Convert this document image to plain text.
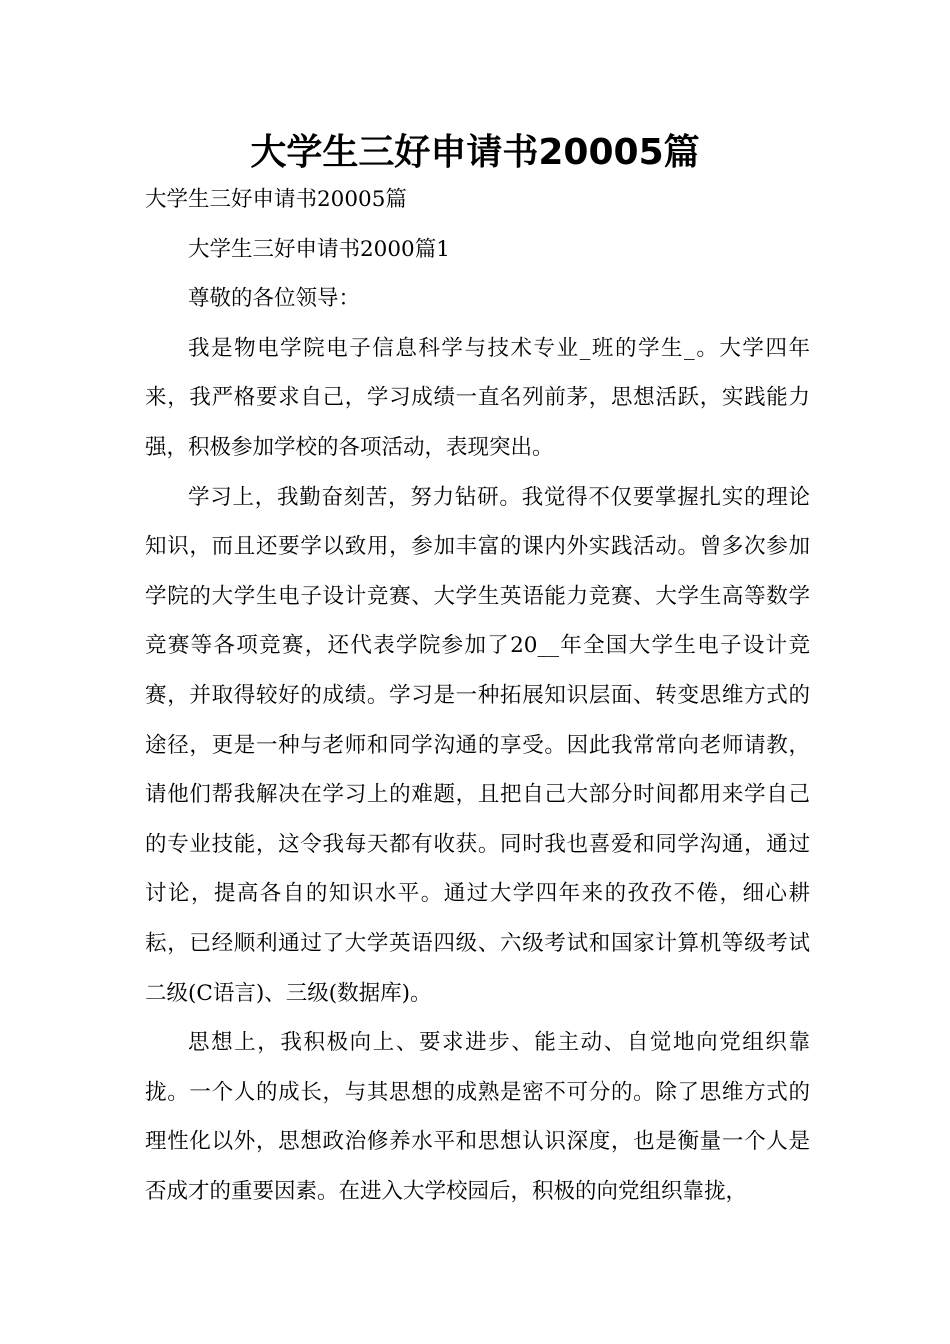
大学生三好申请书20005篇

大学生三好申请书20005篇

大学生三好申请书2000篇1

尊敬的各位领导：

我是物电学院电子信息科学与技术专业_班的学生_。大学四年来，我严格要求自己，学习成绩一直名列前茅，思想活跃，实践能力强，积极参加学校的各项活动，表现突出。

学习上，我勤奋刻苦，努力钻研。我觉得不仅要掌握扎实的理论知识，而且还要学以致用，参加丰富的课内外实践活动。曾多次参加学院的大学生电子设计竞赛、大学生英语能力竞赛、大学生高等数学竞赛等各项竞赛，还代表学院参加了20__年全国大学生电子设计竞赛，并取得较好的成绩。学习是一种拓展知识层面、转变思维方式的途径，更是一种与老师和同学沟通的享受。因此我常常向老师请教，请他们帮我解决在学习上的难题，且把自己大部分时间都用来学自己的专业技能，这令我每天都有收获。同时我也喜爱和同学沟通，通过讨论，提高各自的知识水平。通过大学四年来的孜孜不倦，细心耕耘，已经顺利通过了大学英语四级、六级考试和国家计算机等级考试二级(C语言)、三级(数据库)。

思想上，我积极向上、要求进步、能主动、自觉地向党组织靠拢。一个人的成长，与其思想的成熟是密不可分的。除了思维方式的理性化以外，思想政治修养水平和思想认识深度，也是衡量一个人是否成才的重要因素。在进入大学校园后，积极的向党组织靠拢，
